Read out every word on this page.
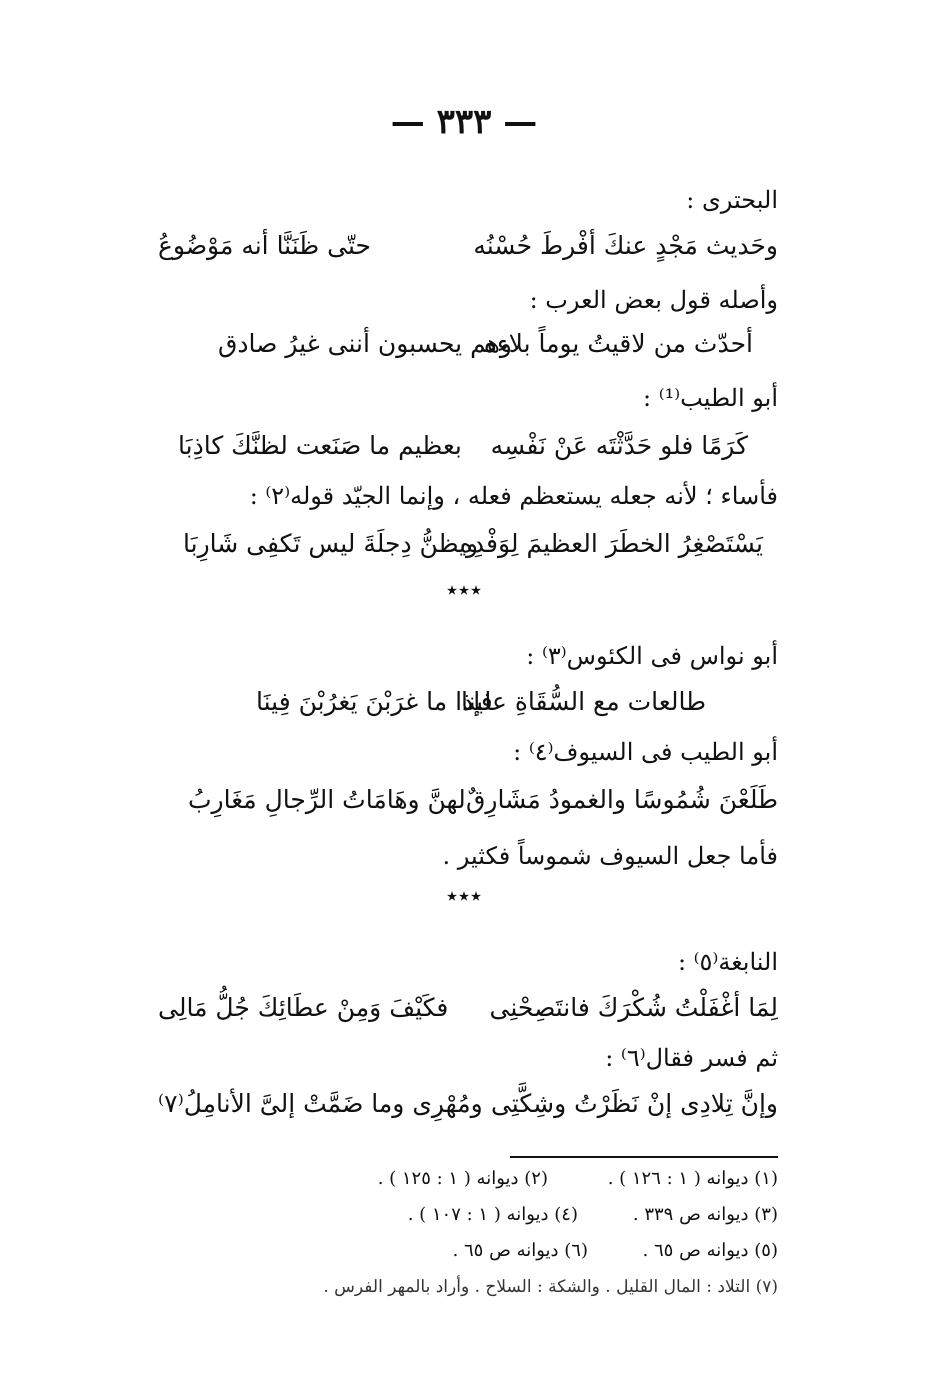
— ٣٣٣ —
البحترى :
وحَديث مَجْدٍ عنكَ أفْرطَ حُسْنُه
حتّى ظَنَنَّا أنه مَوْضُوعُ
وأصله قول بعض العرب :
أحدّث من لاقيتُ يوماً بلاءه
وهم يحسبون أننى غيرُ صادق
أبو الطيب⁽¹⁾ :
كَرَمًا فلو حَدَّثْتَه عَنْ نَفْسِه
بعظيم ما صَنَعت لظنَّكَ كاذِبَا
فأساء ؛ لأنه جعله يستعظم فعله ، وإنما الجيّد قوله⁽٢⁾ :
يَسْتَصْغِرُ الخطَرَ العظيمَ لِوَفْدِه
ويظنُّ دِجلَةَ ليس تَكفِى شَارِبَا
٭٭٭
أبو نواس فى الكئوس⁽٣⁾ :
طالعات مع السُّقَاةِ علينا
فإذا ما غرَبْنَ يَغرُبْنَ فِينَا
أبو الطيب فى السيوف⁽٤⁾ :
طَلَعْنَ شُمُوسًا والغمودُ مَشَارِقٌ
لهنَّ وهَامَاتُ الرِّجالِ مَغَارِبُ
فأما جعل السيوف شموساً فكثير .
٭٭٭
النابغة⁽٥⁾ :
لِمَا أغْفَلْتُ شُكْرَكَ فانتَصِحْنِى
فكَيْفَ وَمِنْ عطَائِكَ جُلُّ مَالِى
ثم فسر فقال⁽٦⁾ :
وإنَّ تِلادِى إنْ نَظَرْتُ وشِكَّتِى
ومُهْرِى وما ضَمَّتْ إلىَّ الأنامِلُ⁽٧⁾
(١) ديوانه ( ١ : ١٢٦ ) .
(٢) ديوانه ( ١ : ١٢٥ ) .
(٣) ديوانه ص ٣٣٩ .
(٤) ديوانه ( ١ : ١٠٧ ) .
(٥) ديوانه ص ٦٥ .
(٦) ديوانه ص ٦٥ .
(٧) التلاد : المال القليل . والشكة : السلاح . وأراد بالمهر الفرس .
